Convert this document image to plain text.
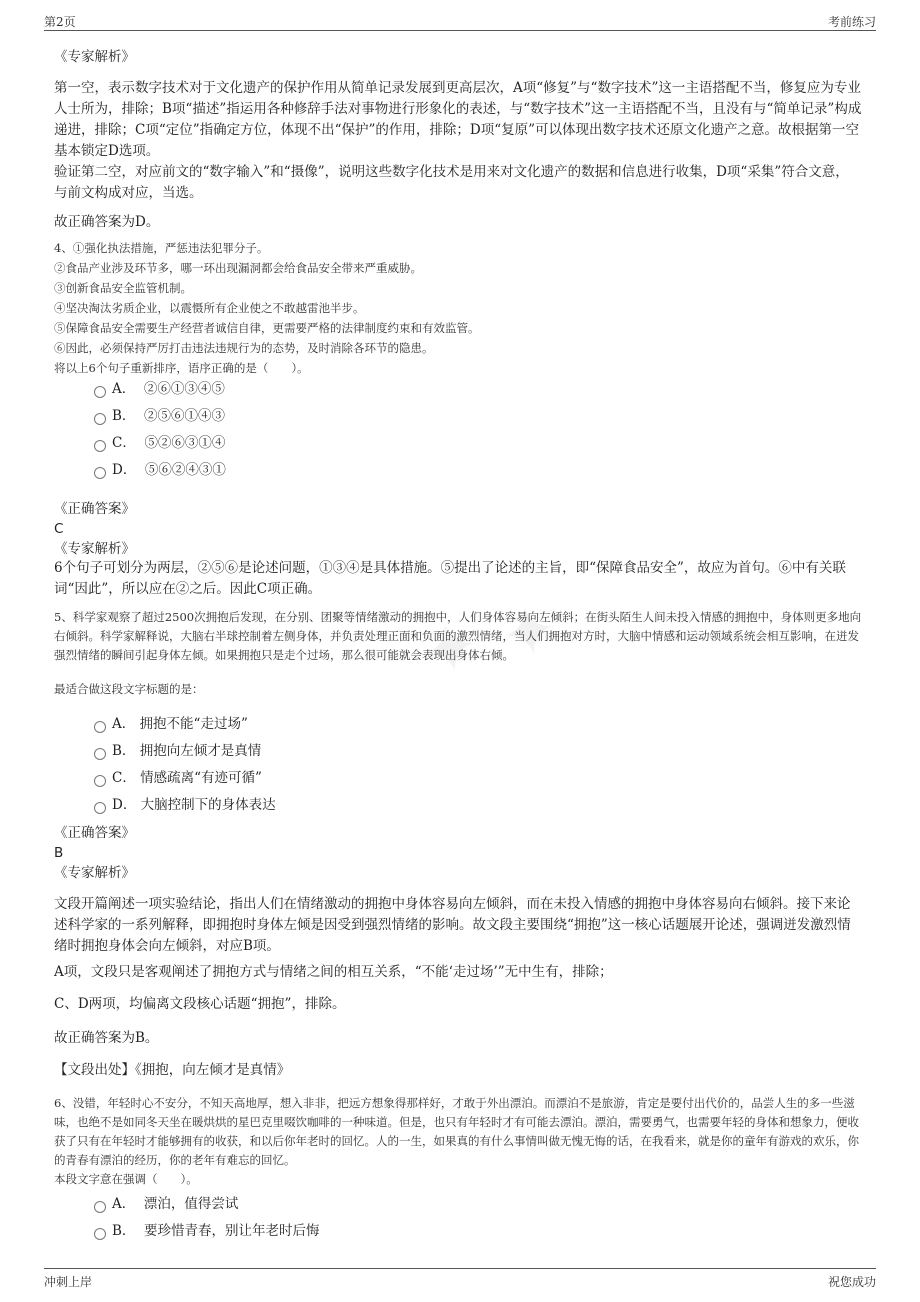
第2页	考前练习
✦ ✦

《专家解析》

第一空，表示数字技术对于文化遗产的保护作用从简单记录发展到更高层次，A项“修复”与“数字技术”这一主语搭配不当，修复应为专业人士所为，排除；B项“描述”指运用各种修辞手法对事物进行形象化的表述，与“数字技术”这一主语搭配不当，且没有与“简单记录”构成递进，排除；C项“定位”指确定方位，体现不出“保护”的作用，排除；D项“复原”可以体现出数字技术还原文化遗产之意。故根据第一空基本锁定D选项。

验证第二空，对应前文的“数字输入”和“摄像”，说明这些数字化技术是用来对文化遗产的数据和信息进行收集，D项“采集”符合文意，与前文构成对应，当选。

故正确答案为D。

4、①强化执法措施，严惩违法犯罪分子。

②食品产业涉及环节多，哪一环出现漏洞都会给食品安全带来严重威胁。

③创新食品安全监管机制。

④坚决淘汰劣质企业，以震慑所有企业使之不敢越雷池半步。

⑤保障食品安全需要生产经营者诚信自律，更需要严格的法律制度约束和有效监管。

⑥因此，必须保持严厉打击违法违规行为的态势，及时消除各环节的隐患。

将以上6个句子重新排序，语序正确的是（　　）。

A． ②⑥①③④⑤
B． ②⑤⑥①④③
C． ⑤②⑥③①④
D． ⑤⑥②④③①

《正确答案》

C

《专家解析》

6个句子可划分为两层，②⑤⑥是论述问题，①③④是具体措施。⑤提出了论述的主旨，即“保障食品安全”，故应为首句。⑥中有关联词“因此”，所以应在②之后。因此C项正确。

5、科学家观察了超过2500次拥抱后发现，在分别、团聚等情绪激动的拥抱中，人们身体容易向左倾斜；在街头陌生人间未投入情感的拥抱中，身体则更多地向右倾斜。科学家解释说，大脑右半球控制着左侧身体，并负责处理正面和负面的激烈情绪，当人们拥抱对方时，大脑中情感和运动领域系统会相互影响，在迸发强烈情绪的瞬间引起身体左倾。如果拥抱只是走个过场，那么很可能就会表现出身体右倾。

最适合做这段文字标题的是：

A． 拥抱不能“走过场”
B． 拥抱向左倾才是真情
C． 情感疏离“有迹可循”
D． 大脑控制下的身体表达

《正确答案》

B

《专家解析》

文段开篇阐述一项实验结论，指出人们在情绪激动的拥抱中身体容易向左倾斜，而在未投入情感的拥抱中身体容易向右倾斜。接下来论述科学家的一系列解释，即拥抱时身体左倾是因受到强烈情绪的影响。故文段主要围绕“拥抱”这一核心话题展开论述，强调迸发激烈情绪时拥抱身体会向左倾斜，对应B项。

A项，文段只是客观阐述了拥抱方式与情绪之间的相互关系，“不能‘走过场’”无中生有，排除；

C、D两项，均偏离文段核心话题“拥抱”，排除。

故正确答案为B。

【文段出处】《拥抱，向左倾才是真情》

6、没错，年轻时心不安分，不知天高地厚，想入非非，把远方想象得那样好，才敢于外出漂泊。而漂泊不是旅游，肯定是要付出代价的，品尝人生的多一些滋味，也绝不是如同冬天坐在暖烘烘的星巴克里啜饮咖啡的一种味道。但是，也只有年轻时才有可能去漂泊。漂泊，需要勇气，也需要年轻的身体和想象力，便收获了只有在年轻时才能够拥有的收获，和以后你年老时的回忆。人的一生，如果真的有什么事情叫做无愧无悔的话，在我看来，就是你的童年有游戏的欢乐，你的青春有漂泊的经历，你的老年有难忘的回忆。

本段文字意在强调（　　）。

A． 漂泊，值得尝试
B． 要珍惜青春，别让年老时后悔
冲刺上岸	祝您成功
